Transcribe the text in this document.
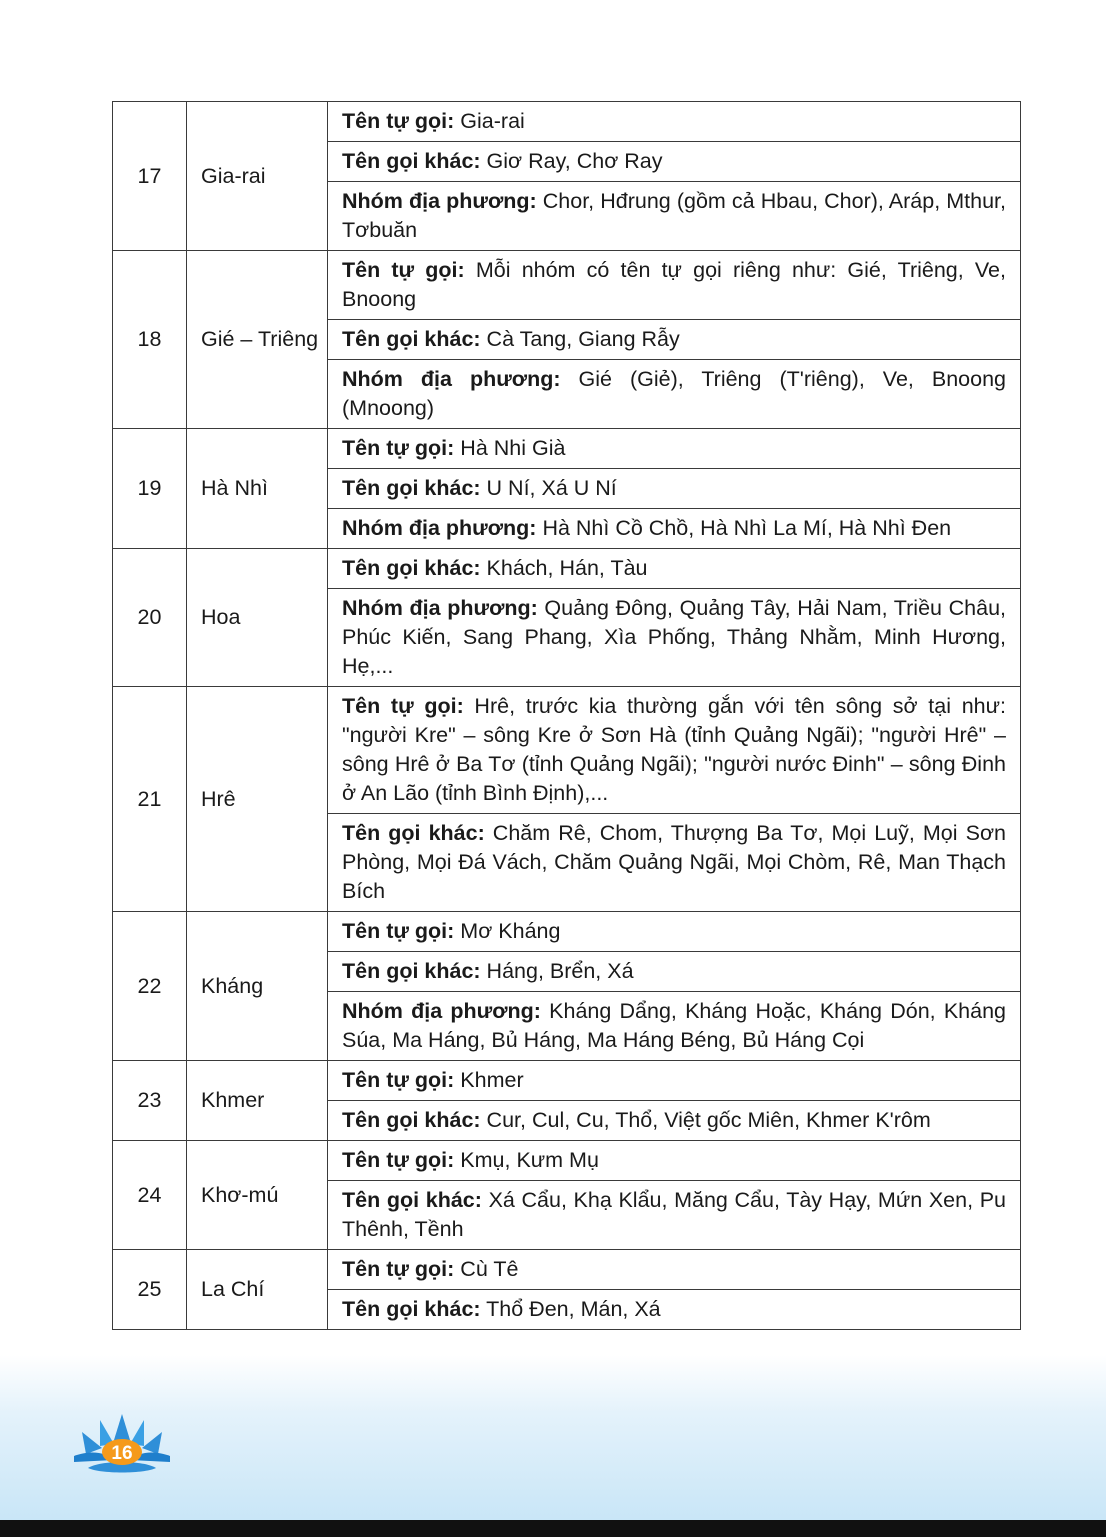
17	Gia-rai	Tên tự gọi: Gia-rai
		Tên gọi khác: Giơ Ray, Chơ Ray
		Nhóm địa phương: Chor, Hđrung (gồm cả Hbau, Chor), Aráp, Mthur, Tơbuăn
18	Gié – Triêng	Tên tự gọi: Mỗi nhóm có tên tự gọi riêng như: Gié, Triêng, Ve, Bnoong
		Tên gọi khác: Cà Tang, Giang Rẫy
		Nhóm địa phương: Gié (Giẻ), Triêng (T'riêng), Ve, Bnoong (Mnoong)
19	Hà Nhì	Tên tự gọi: Hà Nhi Già
		Tên gọi khác: U Ní, Xá U Ní
		Nhóm địa phương: Hà Nhì Cồ Chồ, Hà Nhì La Mí, Hà Nhì Đen
20	Hoa	Tên gọi khác: Khách, Hán, Tàu
		Nhóm địa phương: Quảng Đông, Quảng Tây, Hải Nam, Triều Châu, Phúc Kiến, Sang Phang, Xìa Phống, Thảng Nhằm, Minh Hương, Hẹ,...
21	Hrê	Tên tự gọi: Hrê, trước kia thường gắn với tên sông sở tại như: "người Kre" – sông Kre ở Sơn Hà (tỉnh Quảng Ngãi); "người Hrê" – sông Hrê ở Ba Tơ (tỉnh Quảng Ngãi); "người nước Đinh" – sông Đinh ở An Lão (tỉnh Bình Định),...
		Tên gọi khác: Chăm Rê, Chom, Thượng Ba Tơ, Mọi Luỹ, Mọi Sơn Phòng, Mọi Đá Vách, Chăm Quảng Ngãi, Mọi Chòm, Rê, Man Thạch Bích
22	Kháng	Tên tự gọi: Mơ Kháng
		Tên gọi khác: Háng, Brển, Xá
		Nhóm địa phương: Kháng Dẩng, Kháng Hoặc, Kháng Dón, Kháng Súa, Ma Háng, Bủ Háng, Ma Háng Béng, Bủ Háng Cọi
23	Khmer	Tên tự gọi: Khmer
		Tên gọi khác: Cur, Cul, Cu, Thổ, Việt gốc Miên, Khmer K'rôm
24	Khơ-mú	Tên tự gọi: Kmụ, Kưm Mụ
		Tên gọi khác: Xá Cẩu, Khạ Klẩu, Măng Cẩu, Tày Hạy, Mứn Xen, Pu Thênh, Tềnh
25	La Chí	Tên tự gọi: Cù Tê
		Tên gọi khác: Thổ Đen, Mán, Xá
16
